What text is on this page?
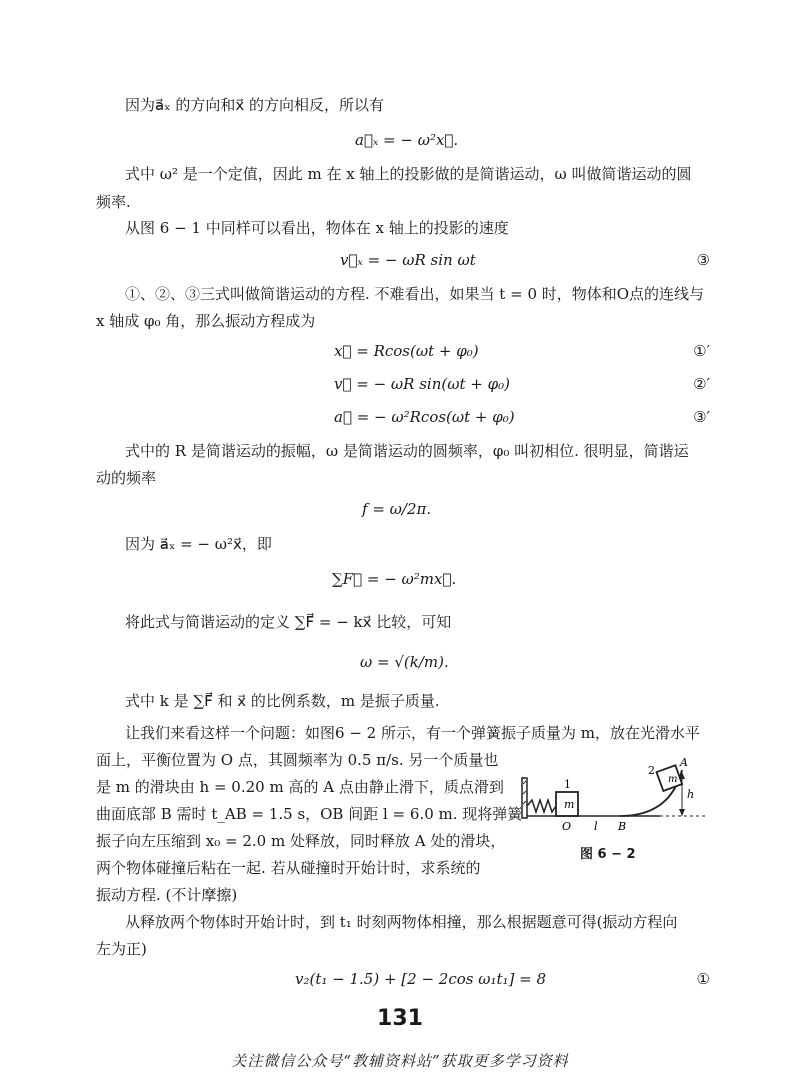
因为a⃗ₓ 的方向和x⃗ 的方向相反，所以有
a⃗ₓ = − ω²x⃗.
式中 ω² 是一个定值，因此 m 在 x 轴上的投影做的是简谐运动，ω 叫做简谐运动的圆
频率.
从图 6 − 1 中同样可以看出，物体在 x 轴上的投影的速度
v⃗ₓ = − ωR sin ωt	③
①、②、③三式叫做简谐运动的方程. 不难看出，如果当 t = 0 时，物体和O点的连线与
x 轴成 φ₀ 角，那么振动方程成为
x⃗ = Rcos(ωt + φ₀)	①′
v⃗ = − ωR sin(ωt + φ₀)	②′
a⃗ = − ω²Rcos(ωt + φ₀)	③′
式中的 R 是简谐运动的振幅，ω 是简谐运动的圆频率，φ₀ 叫初相位. 很明显，简谐运
动的频率
f = ω/2π.
因为 a⃗ₓ = − ω²x⃗，即
∑F⃗ = − ω²mx⃗.
将此式与简谐运动的定义 ∑F⃗ = − kx⃗ 比较，可知
ω = √(k/m).
式中 k 是 ∑F⃗ 和 x⃗ 的比例系数，m 是振子质量.
让我们来看这样一个问题：如图6 − 2 所示，有一个弹簧振子质量为 m，放在光滑水平
面上，平衡位置为 O 点，其圆频率为 0.5 π/s. 另一个质量也
是 m 的滑块由 h = 0.20 m 高的 A 点由静止滑下，质点滑到
曲面底部 B 需时 t_AB = 1.5 s，OB 间距 l = 6.0 m. 现将弹簧
振子向左压缩到 x₀ = 2.0 m 处释放，同时释放 A 处的滑块，
两个物体碰撞后粘在一起. 若从碰撞时开始计时，求系统的
振动方程. (不计摩擦)
m
1
2
m
A
h
O l B
图 6 − 2
从释放两个物体时开始计时，到 t₁ 时刻两物体相撞，那么根据题意可得(振动方程向
左为正)
v₂(t₁ − 1.5) + [2 − 2cos ω₁t₁] = 8	①
131
关注微信公众号“教辅资料站”获取更多学习资料
